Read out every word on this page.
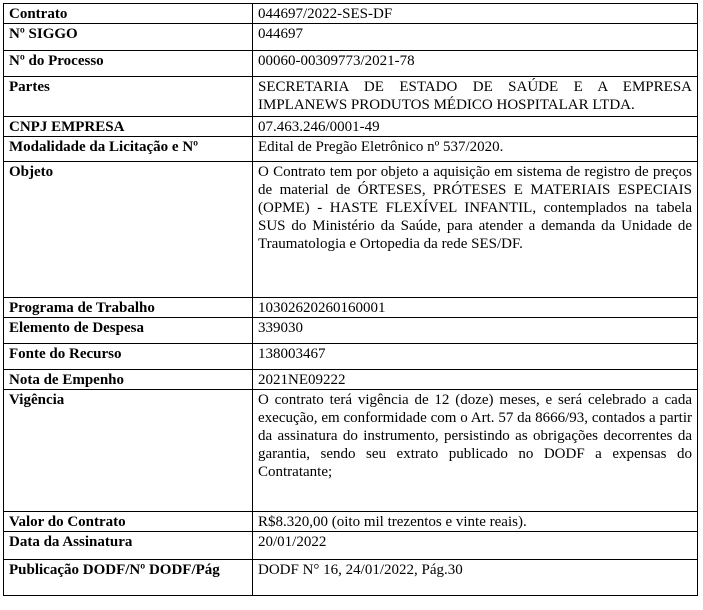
Contrato	044697/2022-SES-DF
Nº SIGGO	044697
Nº do Processo	00060-00309773/2021-78
Partes	SECRETARIA DE ESTADO DE SAÚDE E A EMPRESA IMPLANEWS PRODUTOS MÉDICO HOSPITALAR LTDA.
CNPJ EMPRESA	07.463.246/0001-49
Modalidade da Licitação e Nº	Edital de Pregão Eletrônico nº 537/2020.
Objeto	O Contrato tem por objeto a aquisição em sistema de registro de preços de material de ÓRTESES, PRÓTESES E MATERIAIS ESPECIAIS (OPME) - HASTE FLEXÍVEL INFANTIL, contemplados na tabela SUS do Ministério da Saúde, para atender a demanda da Unidade de Traumatologia e Ortopedia da rede SES/DF.
Programa de Trabalho	10302620260160001
Elemento de Despesa	339030
Fonte do Recurso	138003467
Nota de Empenho	2021NE09222
Vigência	O contrato terá vigência de 12 (doze) meses, e será celebrado a cada execução, em conformidade com o Art. 57 da 8666/93, contados a partir da assinatura do instrumento, persistindo as obrigações decorrentes da garantia, sendo seu extrato publicado no DODF a expensas do Contratante;
Valor do Contrato	R$8.320,00 (oito mil trezentos e vinte reais).
Data da Assinatura	20/01/2022
Publicação DODF/Nº DODF/Pág	DODF N° 16, 24/01/2022, Pág.30
